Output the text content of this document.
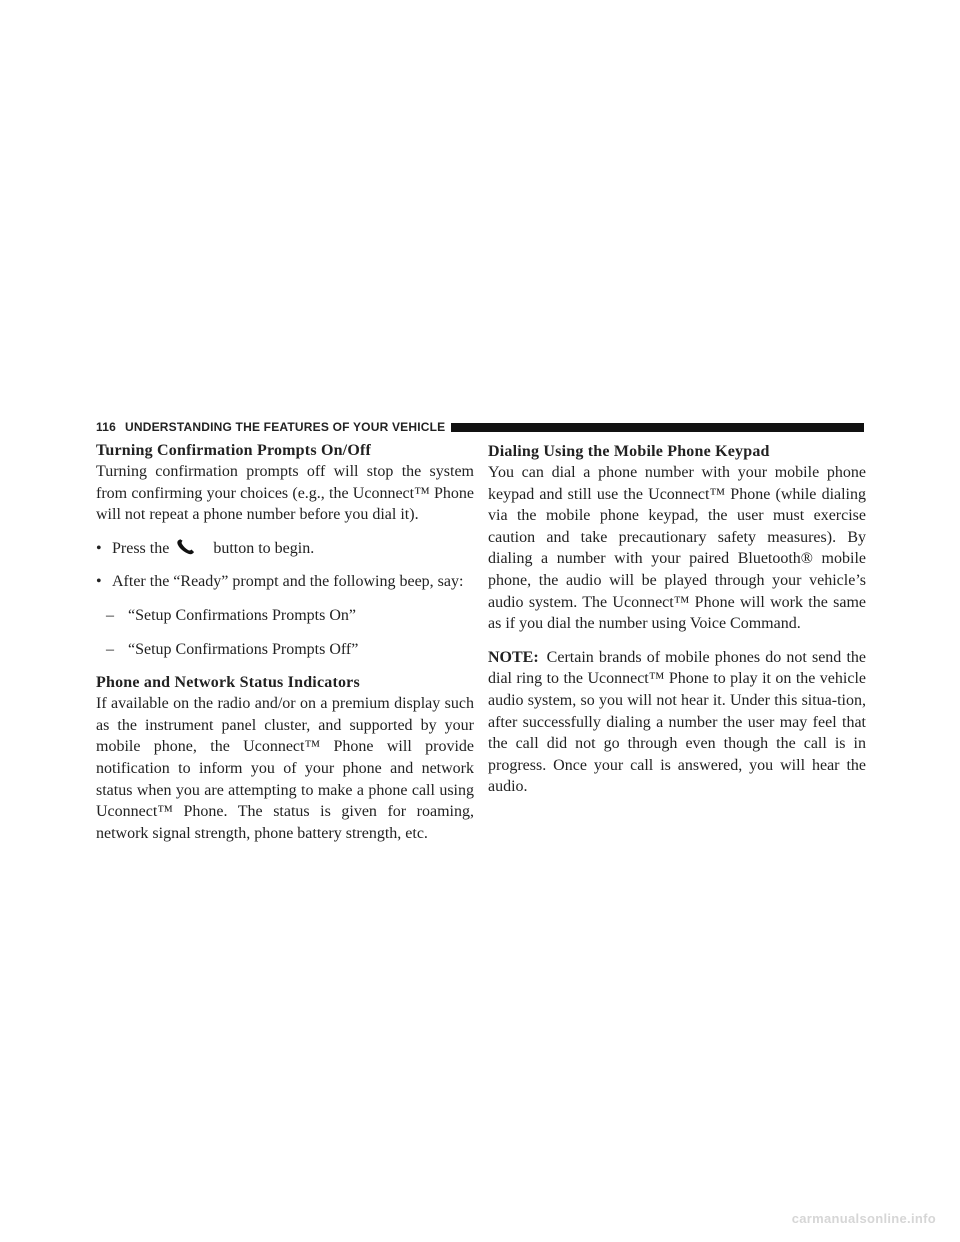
116 UNDERSTANDING THE FEATURES OF YOUR VEHICLE
Turning Confirmation Prompts On/Off

Turning confirmation prompts off will stop the system from confirming your choices (e.g., the Uconnect™ Phone will not repeat a phone number before you dial it).

• Press the	button to begin.
• After the “Ready” prompt and the following beep, say:
– “Setup Confirmations Prompts On”
– “Setup Confirmations Prompts Off”
Phone and Network Status Indicators

If available on the radio and/or on a premium display such as the instrument panel cluster, and supported by your mobile phone, the Uconnect™ Phone will provide notification to inform you of your phone and network status when you are attempting to make a phone call using Uconnect™ Phone. The status is given for roaming, network signal strength, phone battery strength, etc.

Dialing Using the Mobile Phone Keypad

You can dial a phone number with your mobile phone keypad and still use the Uconnect™ Phone (while dialing via the mobile phone keypad, the user must exercise caution and take precautionary safety measures). By dialing a number with your paired Bluetooth® mobile phone, the audio will be played through your vehicle’s audio system. The Uconnect™ Phone will work the same as if you dial the number using Voice Command.

NOTE: Certain brands of mobile phones do not send the dial ring to the Uconnect™ Phone to play it on the vehicle audio system, so you will not hear it. Under this situa-tion, after successfully dialing a number the user may feel that the call did not go through even though the call is in progress. Once your call is answered, you will hear the audio.

carmanualsonline.info
